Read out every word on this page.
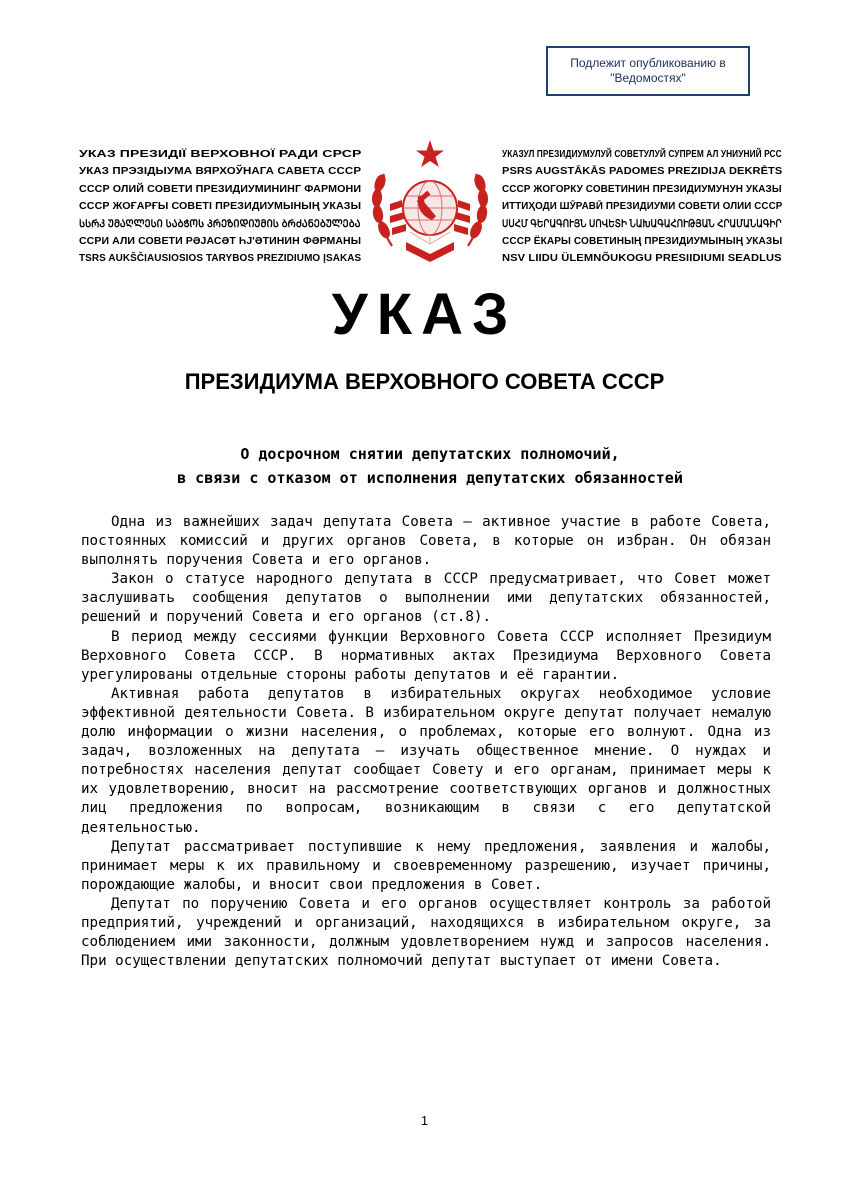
Подлежит опубликованию в
"Ведомостях"
УКАЗ ПРЕЗИДІЇ ВЕРХОВНОЇ РАДИ СРСР
УКАЗ ПРЭЗІДЫУМА ВЯРХОЎНАГА САВЕТА СССР
СССР ОЛИЙ СОВЕТИ ПРЕЗИДИУМИНИНГ ФАРМОНИ
СССР ЖОҒАРҒЫ СОВЕТІ ПРЕЗИДИУМЫНЫҢ УКАЗЫ
ᲡᲡᲠᲙ ᲣᲛᲐᲦᲚᲔᲡᲘ ᲡᲐᲑᲭᲝᲡ ᲞᲠᲔᲖᲘᲓᲘᲣᲛᲘᲡ ᲑᲠᲫᲐᲜᲔᲑᲣᲚᲔᲑᲐ
ССРИ АЛИ СОВЕТИ РӘЈАСӘТ ҺЈ'ӘТИНИН ФӘРМАНЫ
TSRS AUKŠČIAUSIOSIOS TARYBOS PREZIDIUMO ĮSAKAS
УКАЗУЛ ПРЕЗИДИУМУЛУЙ СОВЕТУЛУЙ СУПРЕМ АЛ УНИУНИЙ РСС
PSRS AUGSTĀKĀS PADOMES PREZIDIJA DEKRĒTS
СССР ЖОГОРКУ СОВЕТИНИН ПРЕЗИДИУМУНУН УКАЗЫ
ИТТИҲОДИ ШӮРАВӢ ПРЕЗИДИУМИ СОВЕТИ ОЛИИ СССР
ՍՍՀՄ ԳԵՐԱԳՈՒՅՆ ՍՈՎԵՏԻ ՆԱԽԱԳԱՀՈՒԹՅԱՆ ՀՐԱՄԱՆԱԳԻՐ
СССР ЁКАРЫ СОВЕТИНЫҢ ПРЕЗИДИУМЫНЫҢ УКАЗЫ
NSV LIIDU ÜLEMNÕUKOGU PRESIIDIUMI SEADLUS
УКАЗ
ПРЕЗИДИУМА ВЕРХОВНОГО СОВЕТА СССР
О досрочном снятии депутатских полномочий,
в связи с отказом от исполнения депутатских обязанностей

Одна из важнейших задач депутата Совета – активное участие в работе Совета, постоянных комиссий и других органов Совета, в которые он избран. Он обязан выполнять поручения Совета и его органов.

Закон о статусе народного депутата в СССР предусматривает, что Совет может заслушивать сообщения депутатов о выполнении ими депутатских обязанностей, решений и поручений Совета и его органов (ст.8).

В период между сессиями функции Верховного Совета СССР исполняет Президиум Верховного Совета СССР. В нормативных актах Президиума Верховного Совета урегулированы отдельные стороны работы депутатов и её гарантии.

Активная работа депутатов в избирательных округах необходимое условие эффективной деятельности Совета. В избирательном округе депутат получает немалую долю информации о жизни населения, о проблемах, которые его волнуют. Одна из задач, возложенных на депутата – изучать общественное мнение. О нуждах и потребностях населения депутат сообщает Совету и его органам, принимает меры к их удовлетворению, вносит на рассмотрение соответствующих органов и должностных лиц предложения по вопросам, возникающим в связи с его депутатской деятельностью.

Депутат рассматривает поступившие к нему предложения, заявления и жалобы, принимает меры к их правильному и своевременному разрешению, изучает причины, порождающие жалобы, и вносит свои предложения в Совет.

Депутат по поручению Совета и его органов осуществляет контроль за работой предприятий, учреждений и организаций, находящихся в избирательном округе, за соблюдением ими законности, должным удовлетворением нужд и запросов населения. При осуществлении депутатских полномочий депутат выступает от имени Совета.

1
